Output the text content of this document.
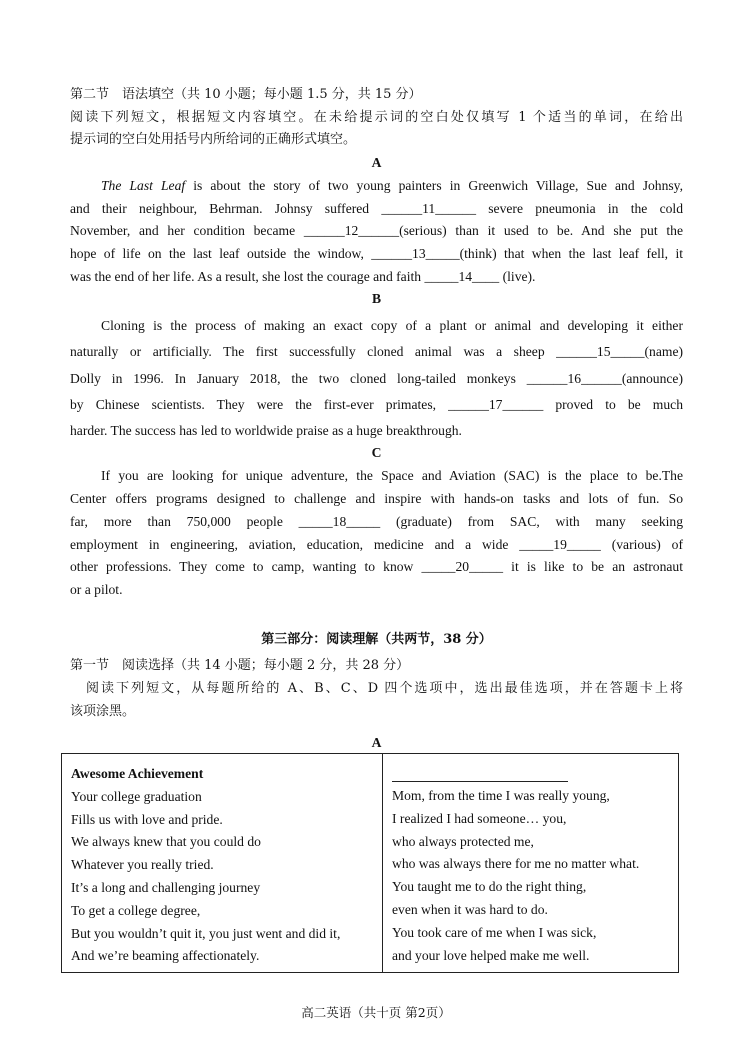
第二节　语法填空（共 10 小题；每小题 1.5 分，共 15 分）
阅读下列短文，根据短文内容填空。在未给提示词的空白处仅填写 1 个适当的单词，在给出
提示词的空白处用括号内所给词的正确形式填空。
A
The Last Leaf is about the story of two young painters in Greenwich Village, Sue and Johnsy,
and their neighbour, Behrman. Johnsy suffered ______11______ severe pneumonia in the cold
November, and her condition became ______12______(serious) than it used to be. And she put the
hope of life on the last leaf outside the window, ______13_____(think) that when the last leaf fell, it
was the end of her life. As a result, she lost the courage and faith _____14____ (live).
B
Cloning is the process of making an exact copy of a plant or animal and developing it either
naturally or artificially. The first successfully cloned animal was a sheep ______15_____(name)
Dolly in 1996. In January 2018, the two cloned long-tailed monkeys ______16______(announce)
by Chinese scientists. They were the first-ever primates, ______17______ proved to be much
harder. The success has led to worldwide praise as a huge breakthrough.
C
If you are looking for unique adventure, the Space and Aviation (SAC) is the place to be.The
Center offers programs designed to challenge and inspire with hands-on tasks and lots of fun. So
far, more than 750,000 people _____18_____ (graduate) from SAC, with many seeking
employment in engineering, aviation, education, medicine and a wide _____19_____ (various) of
other professions. They come to camp, wanting to know _____20_____ it is like to be an astronaut
or a pilot.
第三部分：阅读理解（共两节，38 分）
第一节　阅读选择（共 14 小题；每小题 2 分，共 28 分）
阅读下列短文，从每题所给的 A、B、C、D 四个选项中，选出最佳选项，并在答题卡上将
该项涂黑。
A
Awesome Achievement
Your college graduation
Fills us with love and pride.
We always knew that you could do
Whatever you really tried.
It’s a long and challenging journey
To get a college degree,
But you wouldn’t quit it, you just went and did it,
And we’re beaming affectionately.

Mom, from the time I was really young,
I realized I had someone… you,
who always protected me,
who was always there for me no matter what.
You taught me to do the right thing,
even when it was hard to do.
You took care of me when I was sick,
and your love helped make me well.
高二英语（共十页 第2页）
